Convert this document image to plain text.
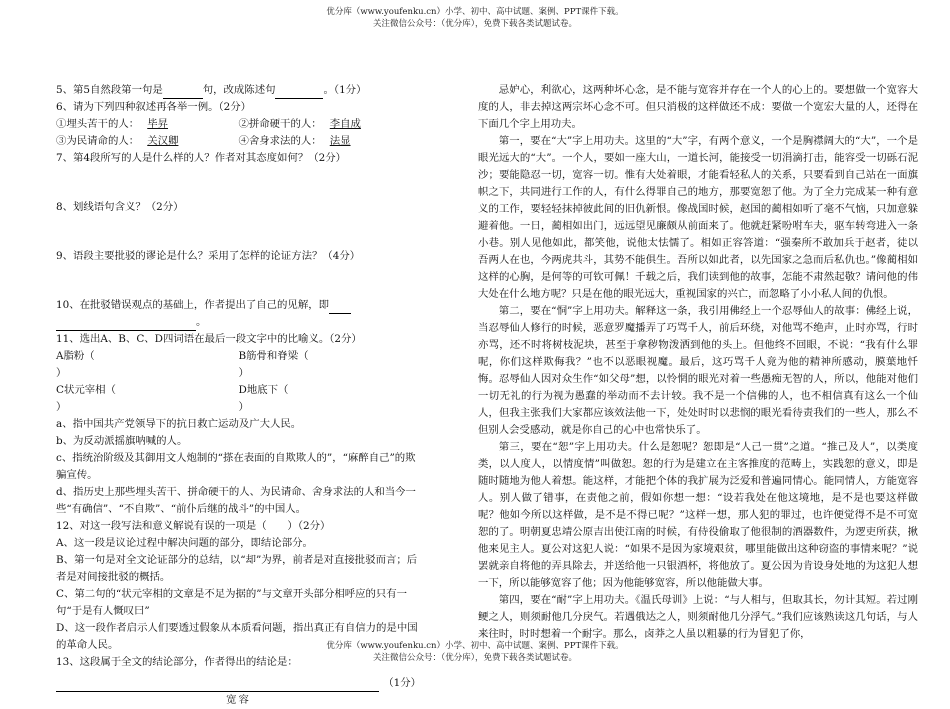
优分库（www.youfenku.cn）小学、初中、高中试题、案例、PPT课件下载。
关注微信公众号：（优分库），免费下载各类试题试卷。

5、第5自然段第一句是	句，改成陈述句	。（1分）

6、请为下列四种叙述再各举一例。（2分）

①埋头苦干的人： 毕昇	②拼命硬干的人： 李自成

③为民请命的人： 关汉卿	④舍身求法的人： 法显

7、第4段所写的人是什么样的人？作者对其态度如何？（2分）

8、划线语句含义？（2分）

9、语段主要批驳的谬论是什么？采用了怎样的论证方法？（4分）

10、在批驳错误观点的基础上，作者提出了自己的见解，即

。

11、选出A、B、C、D四词语在最后一段文字中的比喻义。（2分）

A脂粉（）B筋骨和脊梁（）

C状元宰相（）D地底下（）

a、指中国共产党领导下的抗日救亡运动及广大人民。

b、为反动派摇旗呐喊的人。

c、指统治阶级及其御用文人炮制的“搽在表面的自欺欺人的”，“麻醉自己”的欺骗宣传。

d、指历史上那些埋头苦干、拼命硬干的人、为民请命、舍身求法的人和当今一些“有确信”、“不自欺”、“前仆后继的战斗”的中国人。

12、对这一段写法和意义解说有误的一项是（　　）（2分）

A、这一段是议论过程中解决问题的部分，即结论部分。

B、第一句是对全文论证部分的总结，以“却”为界，前者是对直接批驳而言；后者是对间接批驳的概括。

C、第二句的“状元宰相的文章是不足为据的”与文章开头部分相呼应的只有一句“于是有人慨叹曰”

D、这一段作者启示人们要透过假象从本质看问题，指出真正有自信力的是中国的革命人民。

13、这段属于全文的结论部分，作者得出的结论是：

（1分）

宽容

忌妒心，利欲心，这两种坏心念，是不能与宽容并存在一个人的心上的。要想做一个宽容大度的人，非去掉这两宗坏心念不可。但只消极的这样做还不成：要做一个宽宏大量的人，还得在下面几个字上用功夫。

第一，要在“大”字上用功夫。这里的“大”字，有两个意义，一个是胸襟阔大的“大”，一个是眼光远大的“大”。一个人，要如一座大山，一道长河，能接受一切涓滴打击，能容受一切砾石泥沙；要能隐忍一切，宽容一切。惟有大处着眼，才能看轻私人的关系，只要看到自己站在一面旗帜之下，共同进行工作的人，有什么得罪自己的地方，那要宽恕了他。为了全力完成某一种有意义的工作，要轻轻抹掉彼此间的旧仇新恨。像战国时候，赵国的蔺相如听了毫不气恼，只加意躲避着他。一日，蔺相如出门，远远望见廉颇从前面来了。他就赶紧吩咐车夫，驱车转弯进入一条小巷。别人见他如此，都笑他，说他太怯懦了。相如正容答道：“强秦所不敢加兵于赵者，徒以吾两人在也，今两虎共斗，其势不能俱生。吾所以如此者，以先国家之急而后私仇也。”像蔺相如这样的心胸，是何等的可钦可佩！千载之后，我们读到他的故事，怎能不肃然起敬？请问他的伟大处在什么地方呢？只是在他的眼光远大，重视国家的兴亡，而忽略了小小私人间的仇恨。

第二，要在“恫”字上用功夫。解释这一条，我引用佛经上一个忍辱仙人的故事：佛经上说，当忍辱仙人修行的时候，恶意罗魔播弄了巧骂千人，前后环绕，对他骂不绝声，止时亦骂，行时亦骂，还不时将树枝泥块，甚至于拿秽物泼洒到他的头上。但他终不回眼，不说：“我有什么罪呢，你们这样欺侮我？”也不以恶眼视魔。最后，这巧骂千人竟为他的精神所感动，膜葉地忏悔。忍辱仙人因对众生作“如父母”想，以怜惘的眼光对着一些愚痴无智的人，所以，他能对他们一切无礼的行为视为愚蠢的举动而不去计较。我不是一个信佛的人，也不相信真有这么一个仙人，但我主张我们大家都应该效法他一下，处处时时以悲悯的眼光看待责我们的一些人，那么不但别人会受感动，就是你自己的心中也常快乐了。

第三，要在“恕”字上用功夫。什么是恕呢？恕即是“人己一贯”之道。“推己及人”，以类度类，以人度人，以情度情”叫做恕。恕的行为是建立在主客推度的范畴上，实践恕的意义，即是随时随地为他人着想。能这样，才能把个体的我扩展为泛爱和普遍同情心。能同情人，方能宽容人。别人做了错事，在责他之前，假如你想一想：“设若我处在他这境地，是不是也要这样做呢？他如今所以这样做，是不是不得已呢？”这样一想，那人犯的罪过，也许便觉得不是不可宽恕的了。明朝夏忠靖公原吉出使江南的时候，有侍役偷取了他很制的酒器数件，为逻吏所获，揪他来见主人。夏公对这犯人说：“如果不是因为家境艰贫，哪里能做出这种窃盗的事情来呢？”说罢就亲自将他的弄具除去，并送给他一只银酒杯，将他放了。夏公因为肯设身处地的为这犯人想一下，所以能够宽容了他；因为他能够宽容，所以他能做大事。

第四，要在“耐”字上用功夫。《温氏母训》上说：“与人相与，但取其长，勿计其短。若过刚鲠之人，则须耐他几分戾气。若遇俄达之人，则须耐他几分浮气。”我们应该熟读这几句话，与人来往时，时时想着一个耐字。那么，卤莽之人虽以粗暴的行为冒犯了你，

优分库（www.youfenku.cn）小学、初中、高中试题、案例、PPT课件下载。
关注微信公众号：（优分库），免费下载各类试题试卷。
